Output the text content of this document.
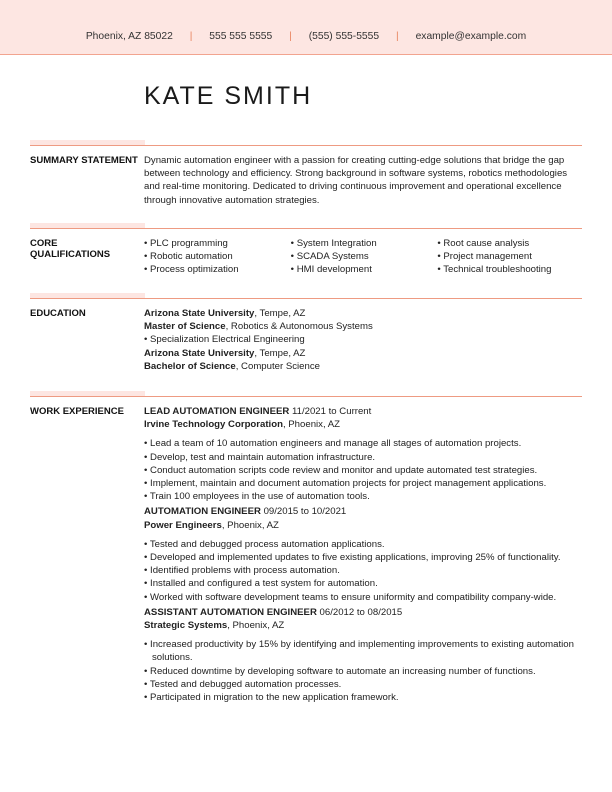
Phoenix, AZ 85022 | 555 555 5555 | (555) 555-5555 | example@example.com
KATE SMITH
SUMMARY STATEMENT Dynamic automation engineer with a passion for creating cutting-edge solutions that bridge the gap between technology and efficiency. Strong background in software systems, robotics methodologies and real-time monitoring. Dedicated to driving continuous improvement and operational excellence through innovative automation strategies.

CORE QUALIFICATIONS
• PLC programming
• Robotic automation
• Process optimization
• System Integration
• SCADA Systems
• HMI development
• Root cause analysis
• Project management
• Technical troubleshooting
EDUCATION	Arizona State University, Tempe, AZ

Master of Science, Robotics & Autonomous Systems

• Specialization Electrical Engineering

Arizona State University, Tempe, AZ

Bachelor of Science, Computer Science

WORK EXPERIENCE	LEAD AUTOMATION ENGINEER 11/2021 to Current

Irvine Technology Corporation, Phoenix, AZ

• Lead a team of 10 automation engineers and manage all stages of automation projects.
• Develop, test and maintain automation infrastructure.
• Conduct automation scripts code review and monitor and update automated test strategies.
• Implement, maintain and document automation projects for project management applications.
• Train 100 employees in the use of automation tools.

AUTOMATION ENGINEER 09/2015 to 10/2021

Power Engineers, Phoenix, AZ

• Tested and debugged process automation applications.
• Developed and implemented updates to five existing applications, improving 25% of functionality.
• Identified problems with process automation.
• Installed and configured a test system for automation.
• Worked with software development teams to ensure uniformity and compatibility company-wide.

ASSISTANT AUTOMATION ENGINEER 06/2012 to 08/2015

Strategic Systems, Phoenix, AZ

• Increased productivity by 15% by identifying and implementing improvements to existing automation solutions.
• Reduced downtime by developing software to automate an increasing number of functions.
• Tested and debugged automation processes.
• Participated in migration to the new application framework.
